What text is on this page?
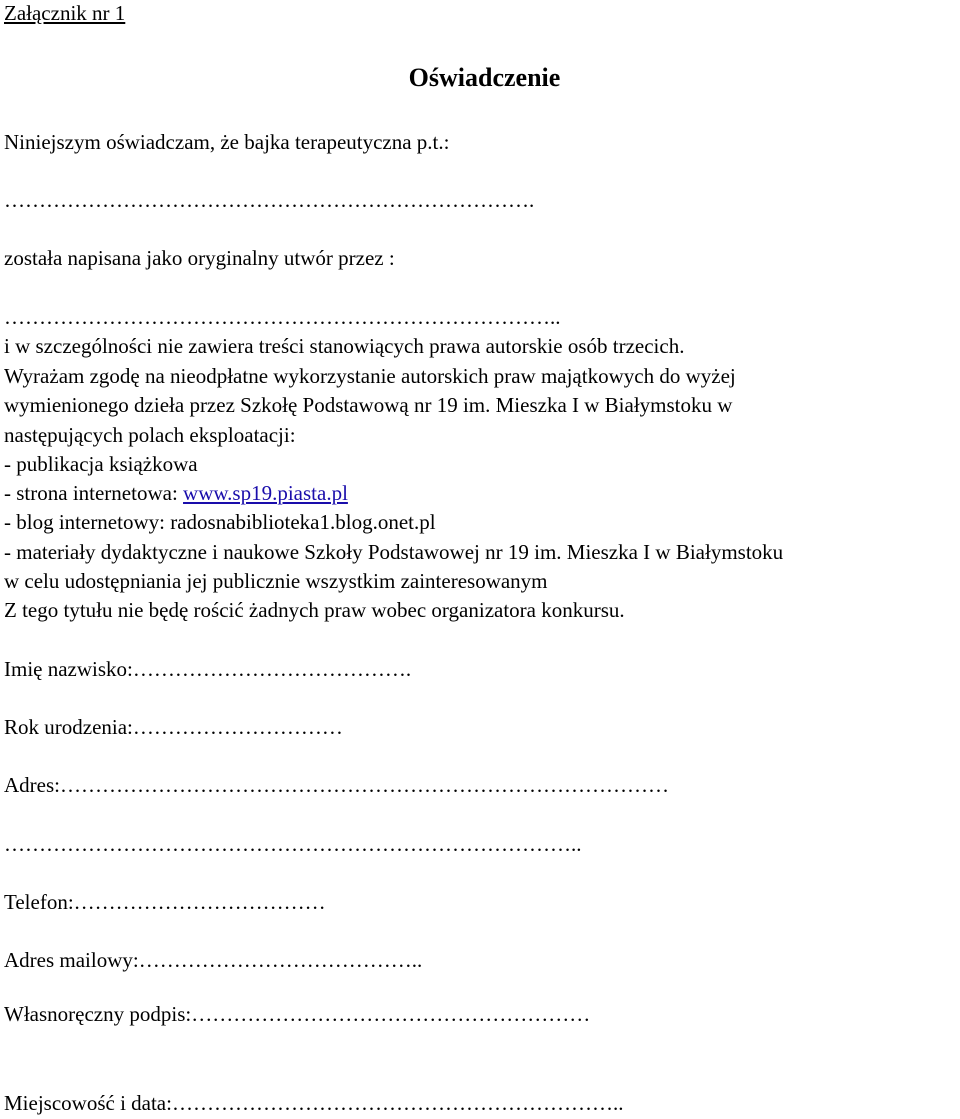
Załącznik nr 1
Oświadczenie
Niniejszym oświadczam, że bajka terapeutyczna p.t.:
………………………………………………………………….
została napisana jako oryginalny utwór przez :
……………………………………………………………………..
i w szczególności nie zawiera treści stanowiących prawa autorskie osób trzecich.
Wyrażam zgodę na nieodpłatne wykorzystanie autorskich praw majątkowych do wyżej
wymienionego dzieła przez Szkołę Podstawową nr 19 im. Mieszka I w Białymstoku w
następujących polach eksploatacji:
- publikacja książkowa
- strona internetowa: www.sp19.piasta.pl
- blog internetowy: radosnabiblioteka1.blog.onet.pl
- materiały dydaktyczne i naukowe Szkoły Podstawowej nr 19 im. Mieszka I w Białymstoku
w celu udostępniania jej publicznie wszystkim zainteresowanym
Z tego tytułu nie będę rościć żadnych praw wobec organizatora konkursu.
Imię nazwisko:………………………………….
Rok urodzenia:…………………………
Adres:……………………………………………………………………………
………………………………………………………………………..
Telefon:………………………………
Adres mailowy:…………………………………..
Własnoręczny podpis:…………………………………………………
Miejscowość i data:………………………………………………………..
